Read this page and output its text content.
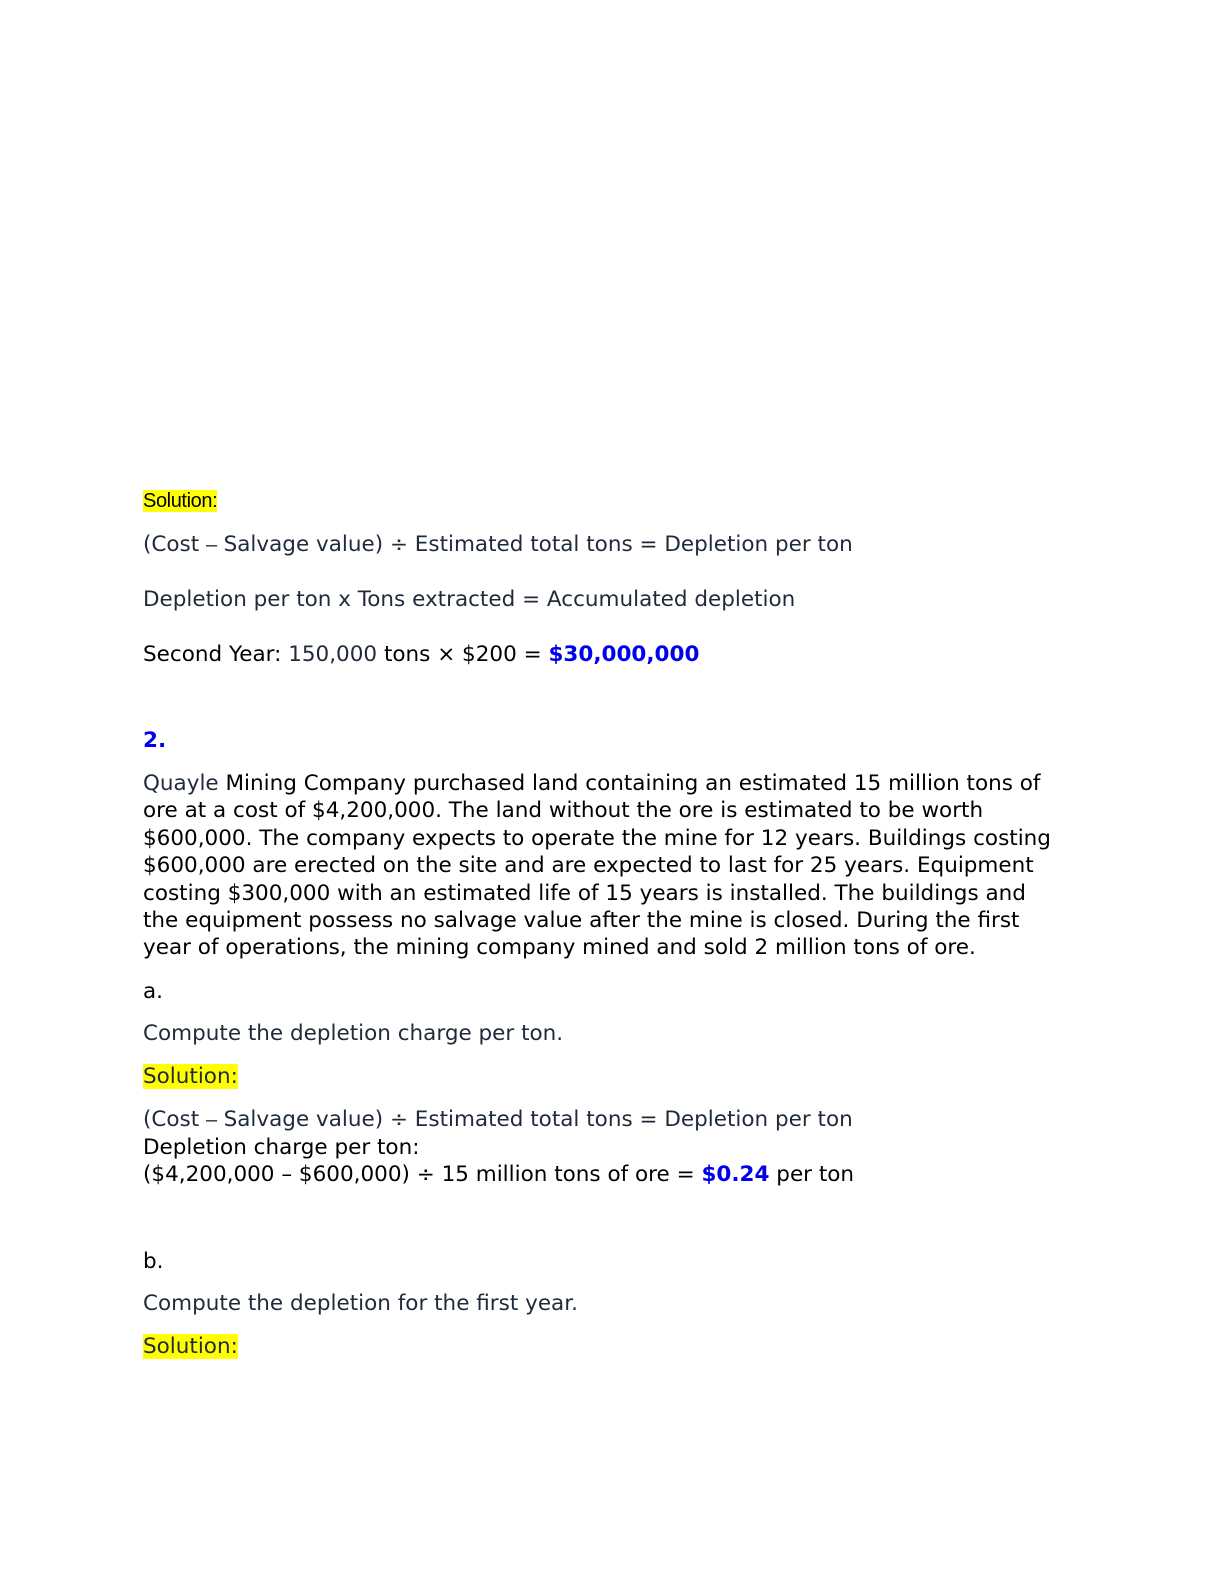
Solution:
(Cost – Salvage value) ÷ Estimated total tons = Depletion per ton
Depletion per ton x Tons extracted = Accumulated depletion
Second Year: 150,000 tons × $200 = $30,000,000
2.
Quayle Mining Company purchased land containing an estimated 15 million tons of
ore at a cost of $4,200,000. The land without the ore is estimated to be worth
$600,000. The company expects to operate the mine for 12 years. Buildings costing
$600,000 are erected on the site and are expected to last for 25 years. Equipment
costing $300,000 with an estimated life of 15 years is installed. The buildings and
the equipment possess no salvage value after the mine is closed. During the first
year of operations, the mining company mined and sold 2 million tons of ore.
a.
Compute the depletion charge per ton.
Solution:
(Cost – Salvage value) ÷ Estimated total tons = Depletion per ton
Depletion charge per ton:
($4,200,000 – $600,000) ÷ 15 million tons of ore = $0.24 per ton
b.
Compute the depletion for the first year.
Solution:
